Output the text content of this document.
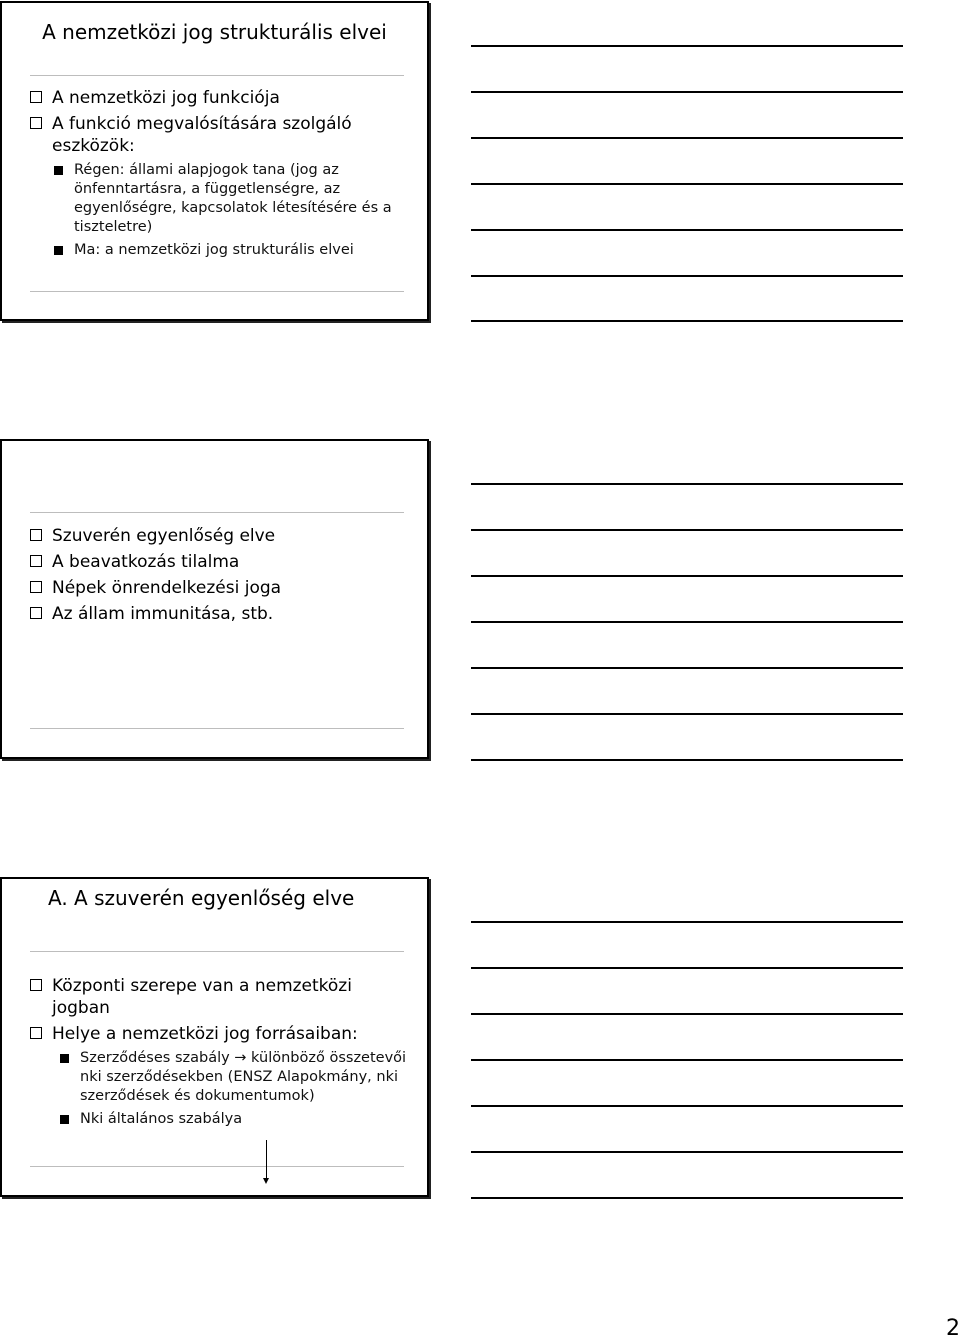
A nemzetközi jog strukturális elvei
A nemzetközi jog funkciója
A funkció megvalósítására szolgáló eszközök:
Régen: állami alapjogok tana (jog az önfenntartásra, a függetlenségre, az egyenlőségre, kapcsolatok létesítésére és a tiszteletre)
Ma: a nemzetközi jog strukturális elvei
Szuverén egyenlőség elve
A beavatkozás tilalma
Népek önrendelkezési joga
Az állam immunitása, stb.
A. A szuverén egyenlőség elve
Központi szerepe van a nemzetközi jogban
Helye a nemzetközi jog forrásaiban:
Szerződéses szabály → különböző összetevői nki szerződésekben (ENSZ Alapokmány, nki szerződések és dokumentumok)
Nki általános szabálya
2
